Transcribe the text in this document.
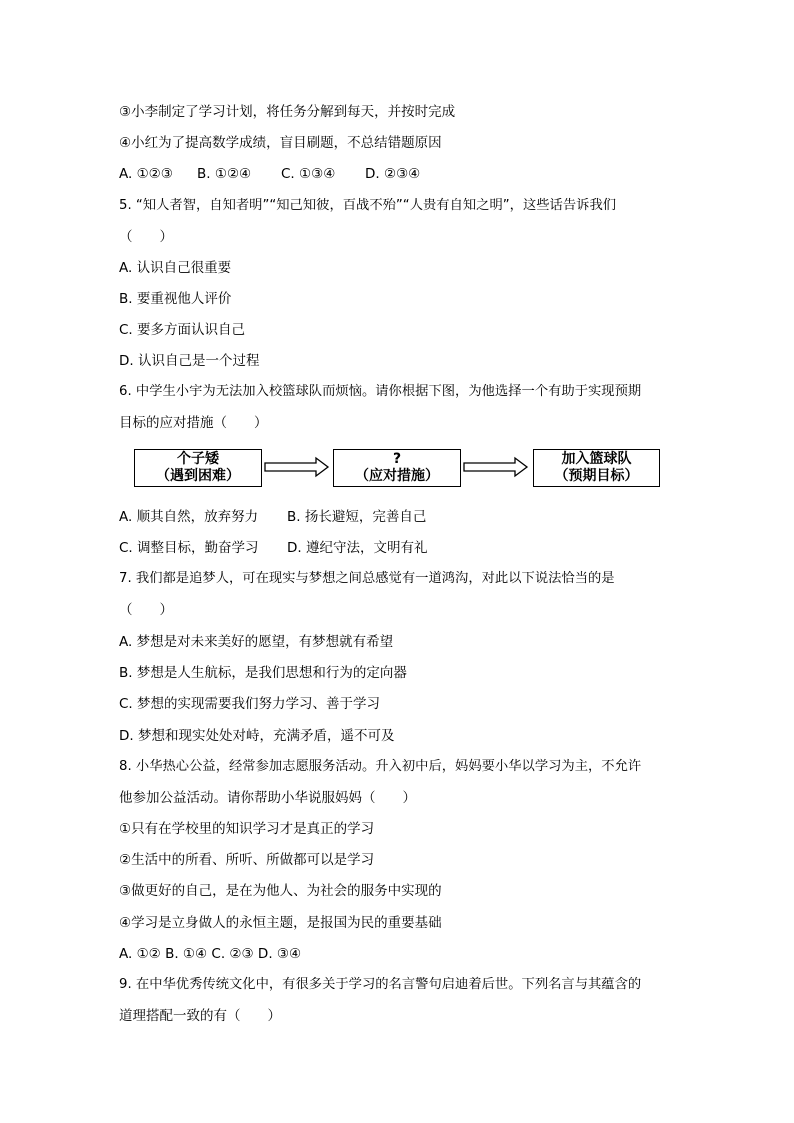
③小李制定了学习计划，将任务分解到每天，并按时完成
④小红为了提高数学成绩，盲目刷题，不总结错题原因
A. ①②③ B. ①②④ C. ①③④ D. ②③④
5. “知人者智，自知者明”“知己知彼，百战不殆”“人贵有自知之明”，这些话告诉我们
（　　）
A. 认识自己很重要
B. 要重视他人评价
C. 要多方面认识自己
D. 认识自己是一个过程
6. 中学生小宇为无法加入校篮球队而烦恼。请你根据下图，为他选择一个有助于实现预期
目标的应对措施（　　）
个子矮
（遇到困难）
?
（应对措施）
加入篮球队
（预期目标）
A. 顺其自然，放弃努力 B. 扬长避短，完善自己
C. 调整目标，勤奋学习 D. 遵纪守法，文明有礼
7. 我们都是追梦人，可在现实与梦想之间总感觉有一道鸿沟，对此以下说法恰当的是
（　　）
A. 梦想是对未来美好的愿望，有梦想就有希望
B. 梦想是人生航标，是我们思想和行为的定向器
C. 梦想的实现需要我们努力学习、善于学习
D. 梦想和现实处处对峙，充满矛盾，遥不可及
8. 小华热心公益，经常参加志愿服务活动。升入初中后，妈妈要小华以学习为主，不允许
他参加公益活动。请你帮助小华说服妈妈（　　）
①只有在学校里的知识学习才是真正的学习
②生活中的所看、所听、所做都可以是学习
③做更好的自己，是在为他人、为社会的服务中实现的
④学习是立身做人的永恒主题，是报国为民的重要基础
A. ①② B. ①④ C. ②③ D. ③④
9. 在中华优秀传统文化中，有很多关于学习的名言警句启迪着后世。下列名言与其蕴含的
道理搭配一致的有（　　）
